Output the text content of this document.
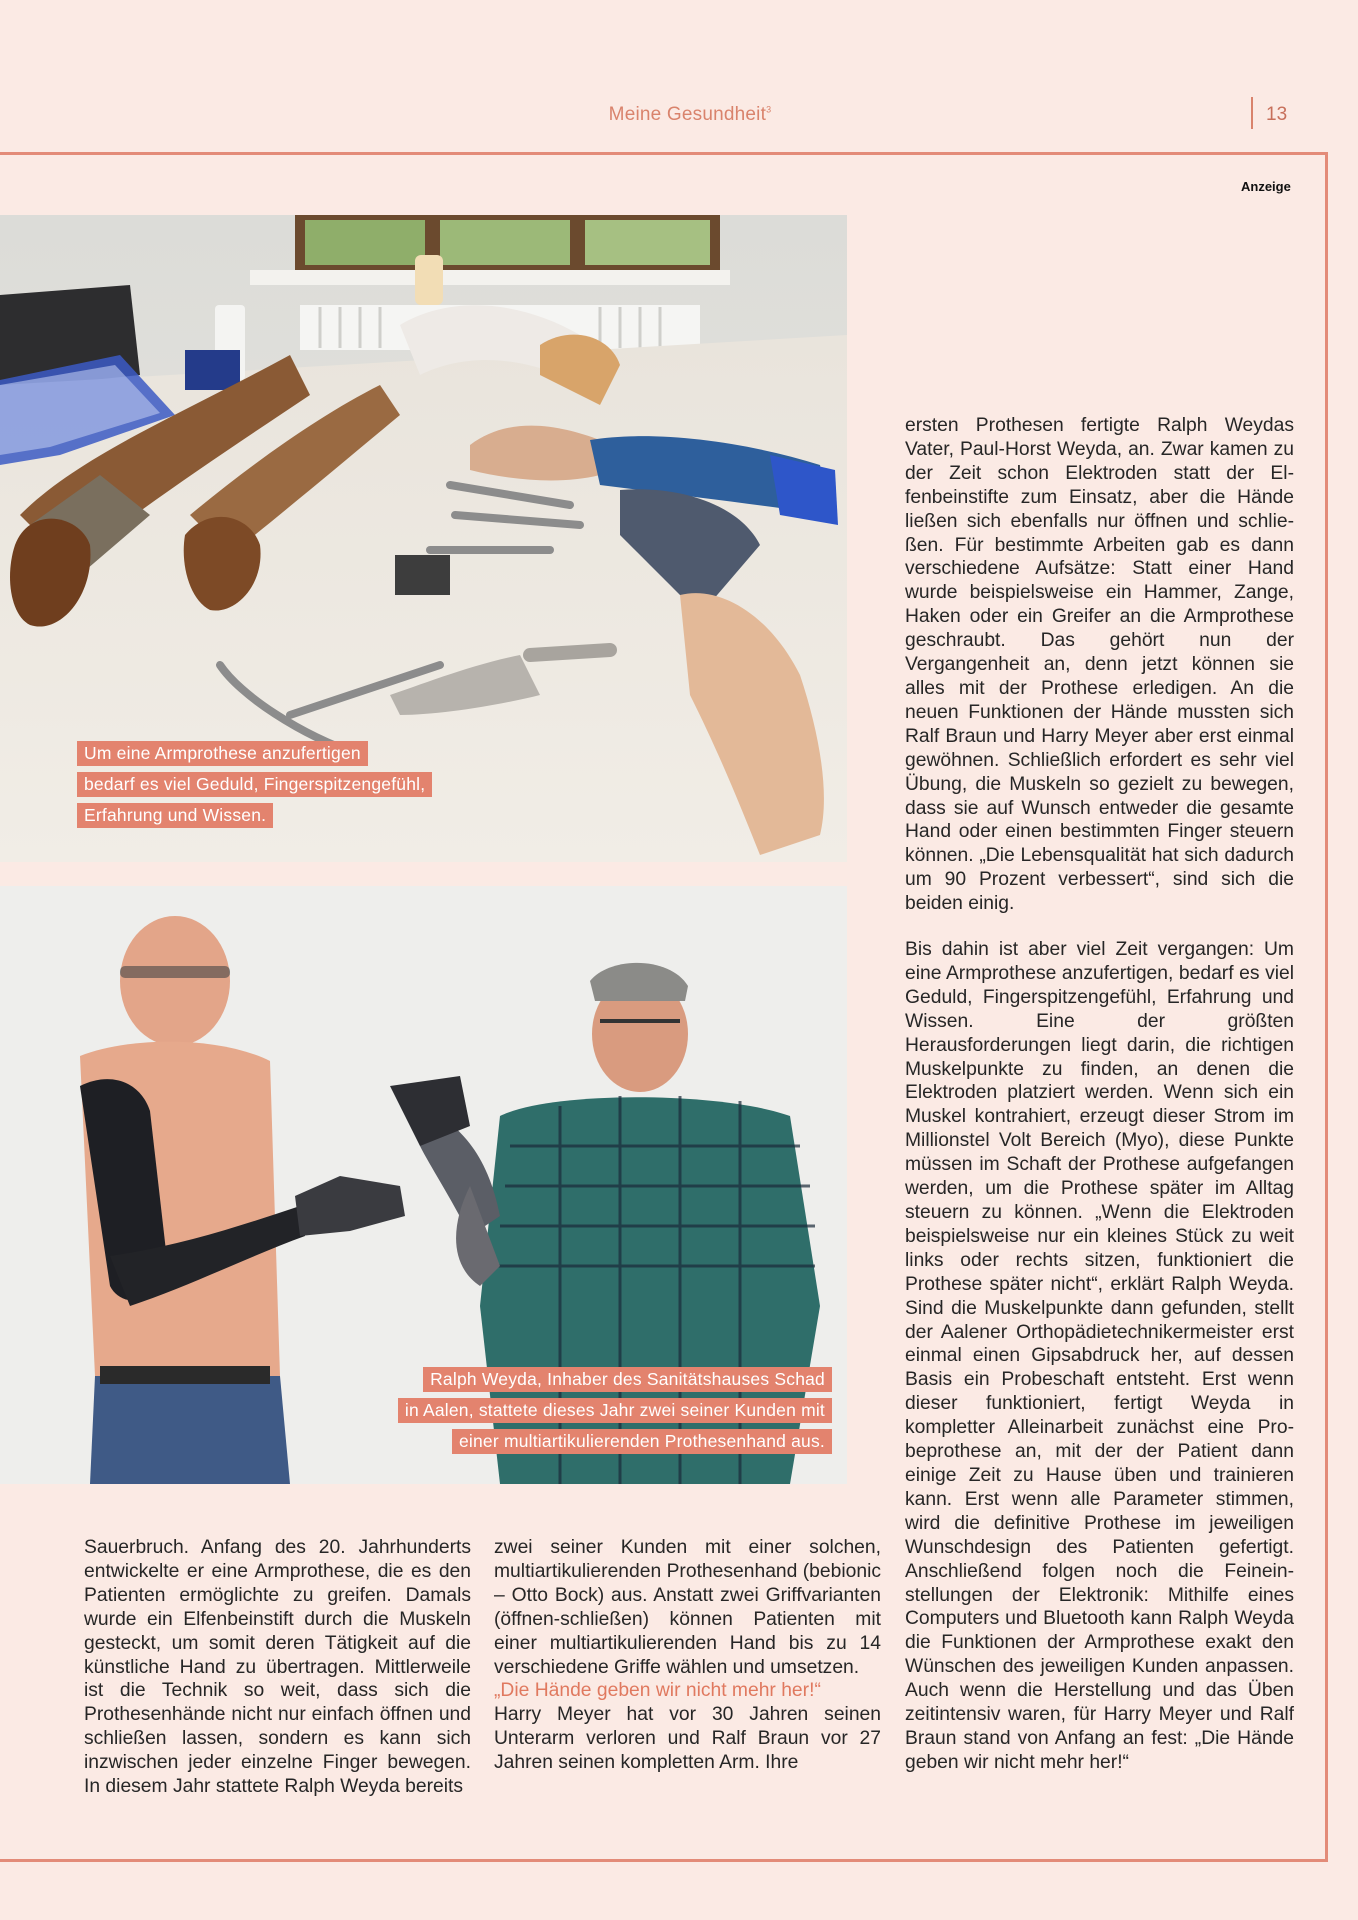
Meine Gesundheit$^3$	13
Anzeige
Um eine Armprothese anzufertigen
bedarf es viel Geduld, Fingerspitzengefühl,
Erfahrung und Wissen.
Ralph Weyda, Inhaber des Sanitätshauses Schad
in Aalen, stattete dieses Jahr zwei seiner Kunden mit
einer multiartikulierenden Prothesenhand aus.

Sauerbruch. Anfang des 20. Jahrhunderts entwickelte er eine Armprothese, die es den Patienten ermöglichte zu greifen. Damals wurde ein Elfenbeinstift durch die Muskeln gesteckt, um somit deren Tätigkeit auf die künstliche Hand zu übertragen. Mittlerweile ist die Technik so weit, dass sich die Prothesenhände nicht nur einfach öffnen und schließen lassen, sondern es kann sich inzwischen jeder einzelne Finger bewegen. In diesem Jahr stattete Ralph Weyda bereits

zwei seiner Kunden mit einer solchen, multiartikulierenden Prothesenhand (bebionic – Otto Bock) aus. Anstatt zwei Griffvarianten (öffnen-schließen) können Patienten mit einer multiartikulierenden Hand bis zu 14 verschiedene Griffe wählen und umsetzen.

„Die Hände geben wir nicht mehr her!“

Harry Meyer hat vor 30 Jahren seinen Unterarm verloren und Ralf Braun vor 27 Jahren seinen kompletten Arm. Ihre

ersten Prothesen fertigte Ralph Weydas Vater, Paul-Horst Weyda, an. Zwar kamen zu der Zeit schon Elektroden statt der Elfenbeinstifte zum Einsatz, aber die Hände ließen sich ebenfalls nur öffnen und schließen. Für bestimmte Arbeiten gab es dann verschiedene Aufsätze: Statt einer Hand wurde beispielsweise ein Hammer, Zange, Haken oder ein Greifer an die Armprothese geschraubt. Das gehört nun der Vergangenheit an, denn jetzt können sie alles mit der Prothese erledigen. An die neuen Funktionen der Hände mussten sich Ralf Braun und Harry Meyer aber erst einmal gewöhnen. Schließlich erfordert es sehr viel Übung, die Muskeln so gezielt zu bewegen, dass sie auf Wunsch entweder die gesamte Hand oder einen bestimmten Finger steuern können. „Die Lebensqualität hat sich dadurch um 90 Prozent verbessert“, sind sich die beiden einig.

Bis dahin ist aber viel Zeit vergangen: Um eine Armprothese anzufertigen, bedarf es viel Geduld, Fingerspitzengefühl, Erfahrung und Wissen. Eine der größten Herausforderungen liegt darin, die richtigen Muskelpunkte zu finden, an denen die Elektroden platziert werden. Wenn sich ein Muskel kontrahiert, erzeugt dieser Strom im Millionstel Volt Bereich (Myo), diese Punkte müssen im Schaft der Prothese aufgefangen werden, um die Prothese später im Alltag steuern zu können. „Wenn die Elektroden beispielsweise nur ein kleines Stück zu weit links oder rechts sitzen, funktioniert die Prothese später nicht“, erklärt Ralph Weyda. Sind die Muskelpunkte dann gefunden, stellt der Aalener Orthopädietechnikermeister erst einmal einen Gipsabdruck her, auf dessen Basis ein Probeschaft entsteht. Erst wenn dieser funktioniert, fertigt Weyda in kompletter Alleinarbeit zunächst eine Probeprothese an, mit der der Patient dann einige Zeit zu Hause üben und trainieren kann. Erst wenn alle Parameter stimmen, wird die definitive Prothese im jeweiligen Wunschdesign des Patienten gefertigt. Anschließend folgen noch die Feineinstellungen der Elektronik: Mithilfe eines Computers und Bluetooth kann Ralph Weyda die Funktionen der Armprothese exakt den Wünschen des jeweiligen Kunden anpassen. Auch wenn die Herstellung und das Üben zeitintensiv waren, für Harry Meyer und Ralf Braun stand von Anfang an fest: „Die Hände geben wir nicht mehr her!“
